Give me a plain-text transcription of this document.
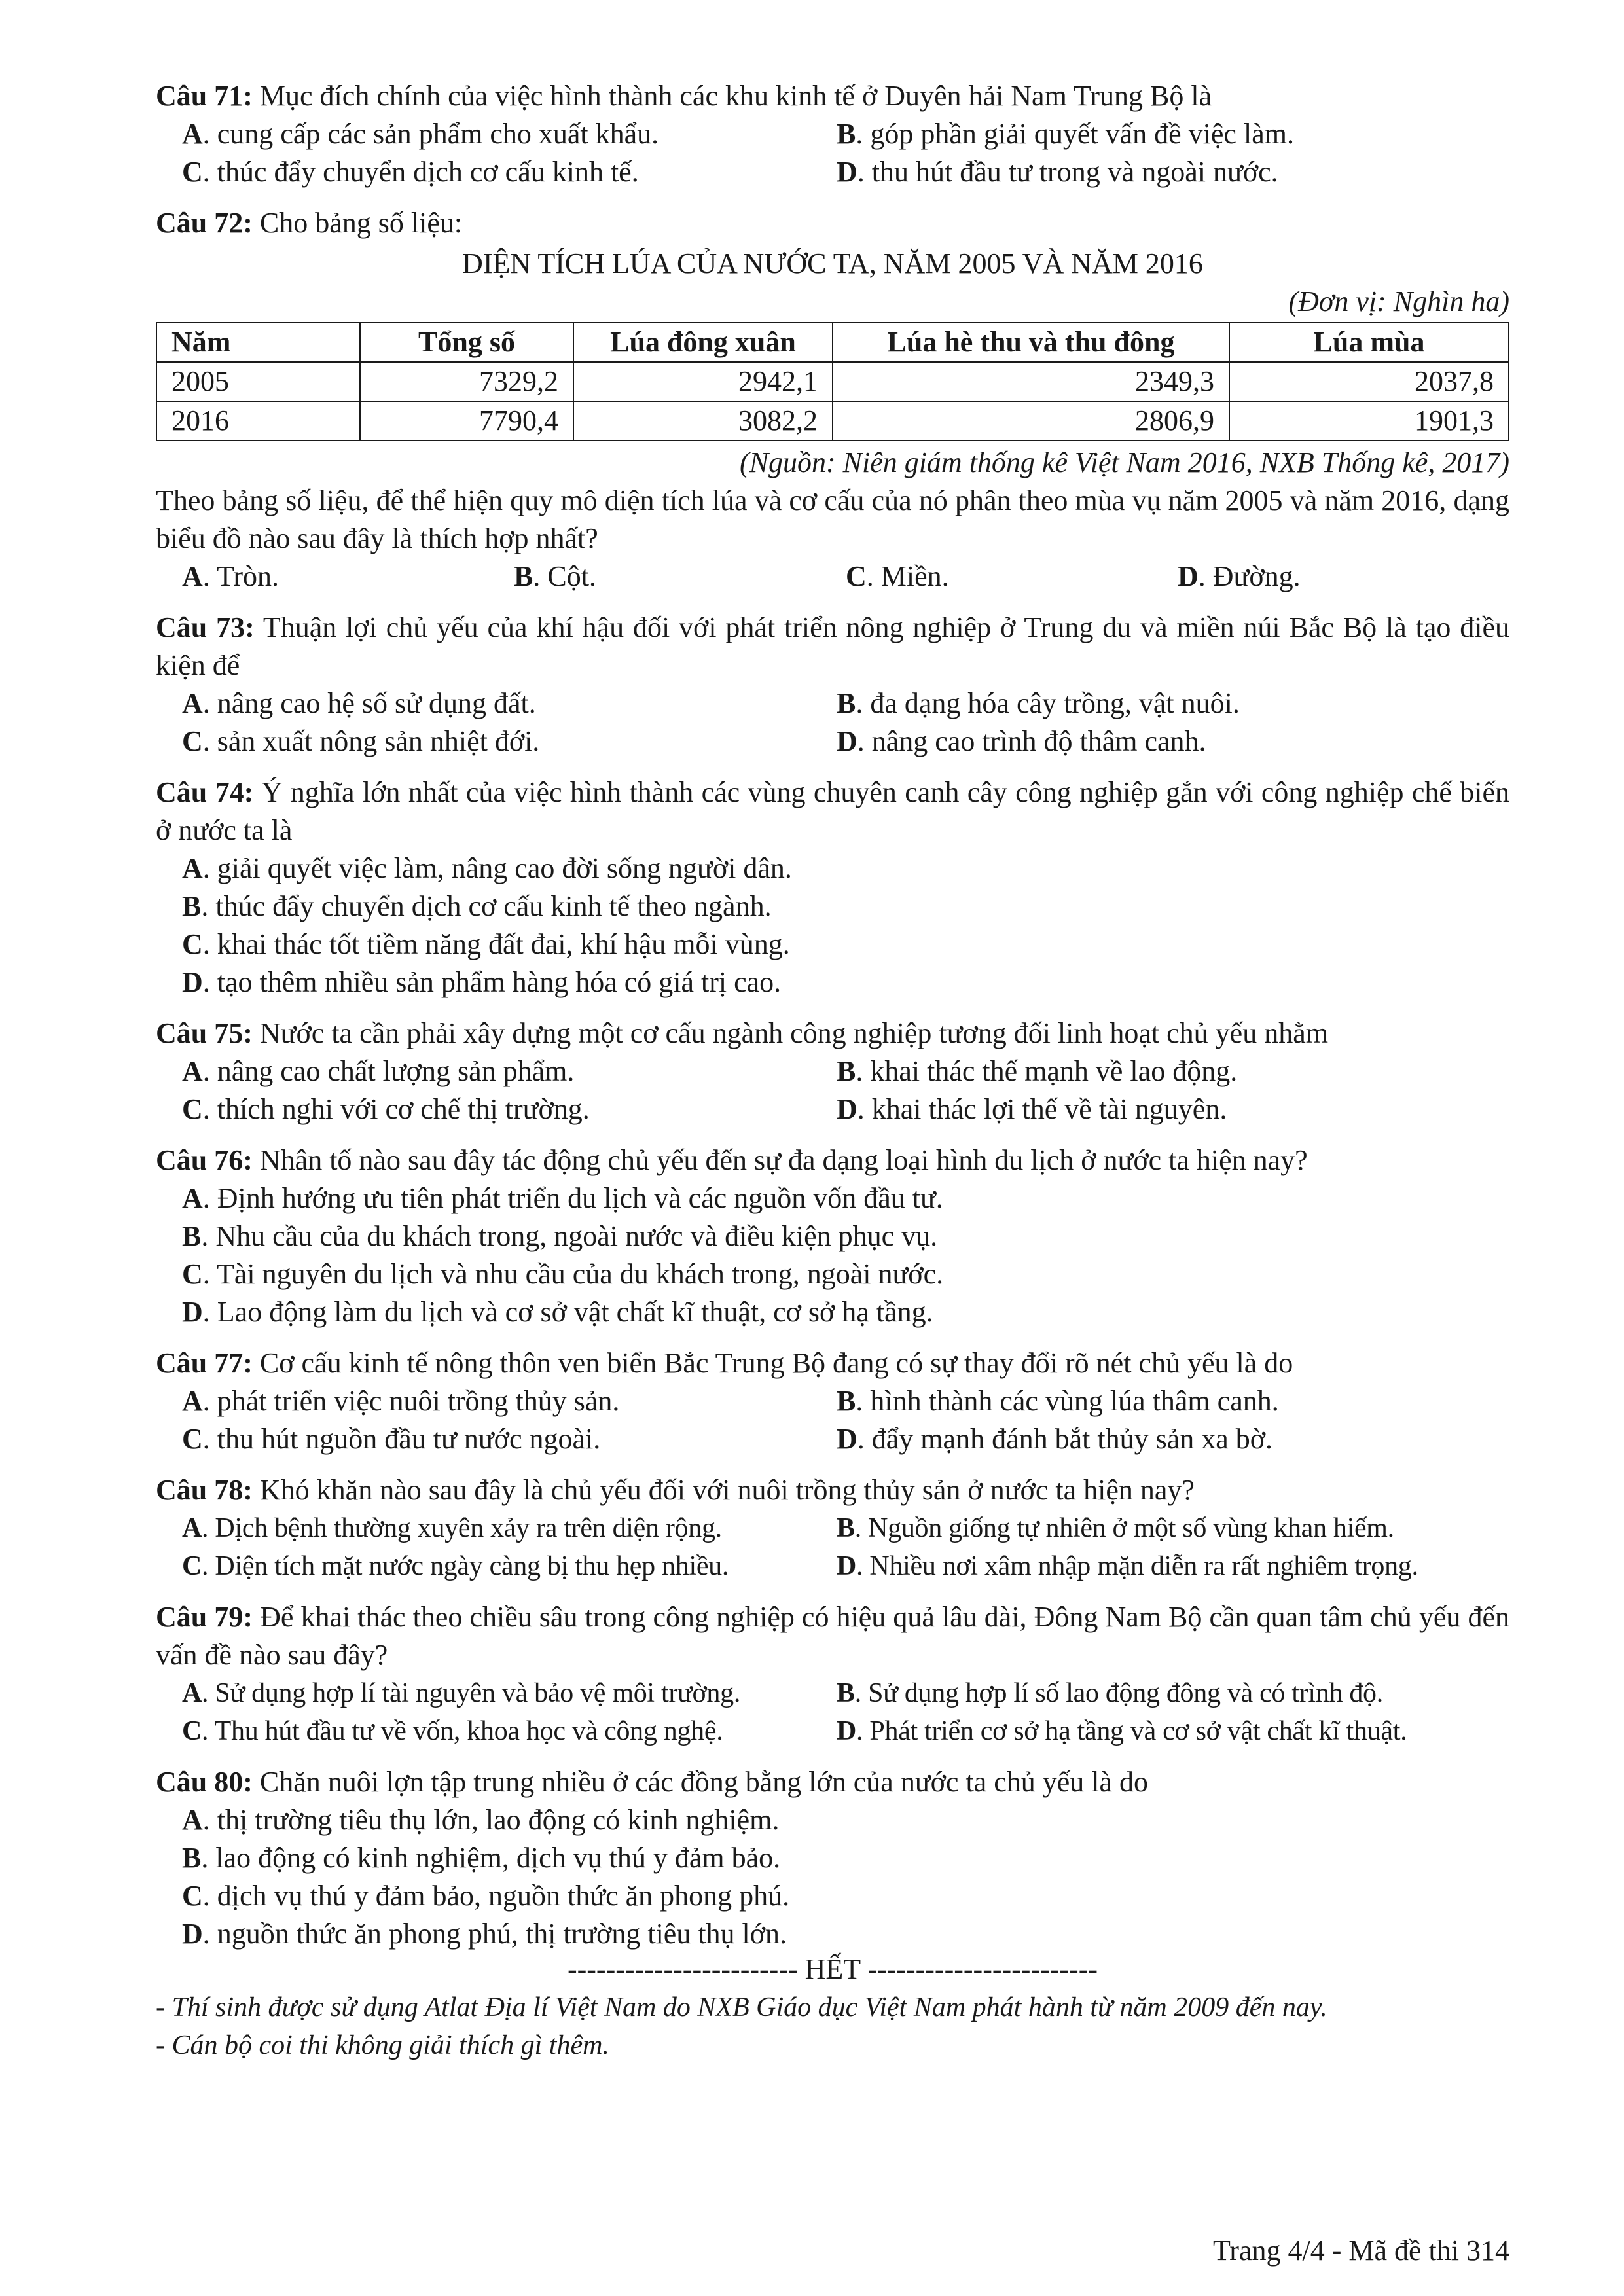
Câu 71: Mục đích chính của việc hình thành các khu kinh tế ở Duyên hải Nam Trung Bộ là
A. cung cấp các sản phẩm cho xuất khẩu.	B. góp phần giải quyết vấn đề việc làm.
C. thúc đẩy chuyển dịch cơ cấu kinh tế.	D. thu hút đầu tư trong và ngoài nước.
Câu 72: Cho bảng số liệu:
DIỆN TÍCH LÚA CỦA NƯỚC TA, NĂM 2005 VÀ NĂM 2016
(Đơn vị: Nghìn ha)
Năm	Tổng số	Lúa đông xuân	Lúa hè thu và thu đông	Lúa mùa
2005	7329,2	2942,1	2349,3	2037,8
2016	7790,4	3082,2	2806,9	1901,3
(Nguồn: Niên giám thống kê Việt Nam 2016, NXB Thống kê, 2017)
Theo bảng số liệu, để thể hiện quy mô diện tích lúa và cơ cấu của nó phân theo mùa vụ năm 2005 và năm 2016, dạng biểu đồ nào sau đây là thích hợp nhất?
A. Tròn.	B. Cột.	C. Miền.	D. Đường.
Câu 73: Thuận lợi chủ yếu của khí hậu đối với phát triển nông nghiệp ở Trung du và miền núi Bắc Bộ là tạo điều kiện để
A. nâng cao hệ số sử dụng đất.	B. đa dạng hóa cây trồng, vật nuôi.
C. sản xuất nông sản nhiệt đới.	D. nâng cao trình độ thâm canh.
Câu 74: Ý nghĩa lớn nhất của việc hình thành các vùng chuyên canh cây công nghiệp gắn với công nghiệp chế biến ở nước ta là
A. giải quyết việc làm, nâng cao đời sống người dân.
B. thúc đẩy chuyển dịch cơ cấu kinh tế theo ngành.
C. khai thác tốt tiềm năng đất đai, khí hậu mỗi vùng.
D. tạo thêm nhiều sản phẩm hàng hóa có giá trị cao.
Câu 75: Nước ta cần phải xây dựng một cơ cấu ngành công nghiệp tương đối linh hoạt chủ yếu nhằm
A. nâng cao chất lượng sản phẩm.	B. khai thác thế mạnh về lao động.
C. thích nghi với cơ chế thị trường.	D. khai thác lợi thế về tài nguyên.
Câu 76: Nhân tố nào sau đây tác động chủ yếu đến sự đa dạng loại hình du lịch ở nước ta hiện nay?
A. Định hướng ưu tiên phát triển du lịch và các nguồn vốn đầu tư.
B. Nhu cầu của du khách trong, ngoài nước và điều kiện phục vụ.
C. Tài nguyên du lịch và nhu cầu của du khách trong, ngoài nước.
D. Lao động làm du lịch và cơ sở vật chất kĩ thuật, cơ sở hạ tầng.
Câu 77: Cơ cấu kinh tế nông thôn ven biển Bắc Trung Bộ đang có sự thay đổi rõ nét chủ yếu là do
A. phát triển việc nuôi trồng thủy sản.	B. hình thành các vùng lúa thâm canh.
C. thu hút nguồn đầu tư nước ngoài.	D. đẩy mạnh đánh bắt thủy sản xa bờ.
Câu 78: Khó khăn nào sau đây là chủ yếu đối với nuôi trồng thủy sản ở nước ta hiện nay?
A. Dịch bệnh thường xuyên xảy ra trên diện rộng.	B. Nguồn giống tự nhiên ở một số vùng khan hiếm.
C. Diện tích mặt nước ngày càng bị thu hẹp nhiều.	D. Nhiều nơi xâm nhập mặn diễn ra rất nghiêm trọng.
Câu 79: Để khai thác theo chiều sâu trong công nghiệp có hiệu quả lâu dài, Đông Nam Bộ cần quan tâm chủ yếu đến vấn đề nào sau đây?
A. Sử dụng hợp lí tài nguyên và bảo vệ môi trường.	B. Sử dụng hợp lí số lao động đông và có trình độ.
C. Thu hút đầu tư về vốn, khoa học và công nghệ.	D. Phát triển cơ sở hạ tầng và cơ sở vật chất kĩ thuật.
Câu 80: Chăn nuôi lợn tập trung nhiều ở các đồng bằng lớn của nước ta chủ yếu là do
A. thị trường tiêu thụ lớn, lao động có kinh nghiệm.
B. lao động có kinh nghiệm, dịch vụ thú y đảm bảo.
C. dịch vụ thú y đảm bảo, nguồn thức ăn phong phú.
D. nguồn thức ăn phong phú, thị trường tiêu thụ lớn.
------------------------ HẾT ------------------------
- Thí sinh được sử dụng Atlat Địa lí Việt Nam do NXB Giáo dục Việt Nam phát hành từ năm 2009 đến nay.
- Cán bộ coi thi không giải thích gì thêm.
Trang 4/4 - Mã đề thi 314
